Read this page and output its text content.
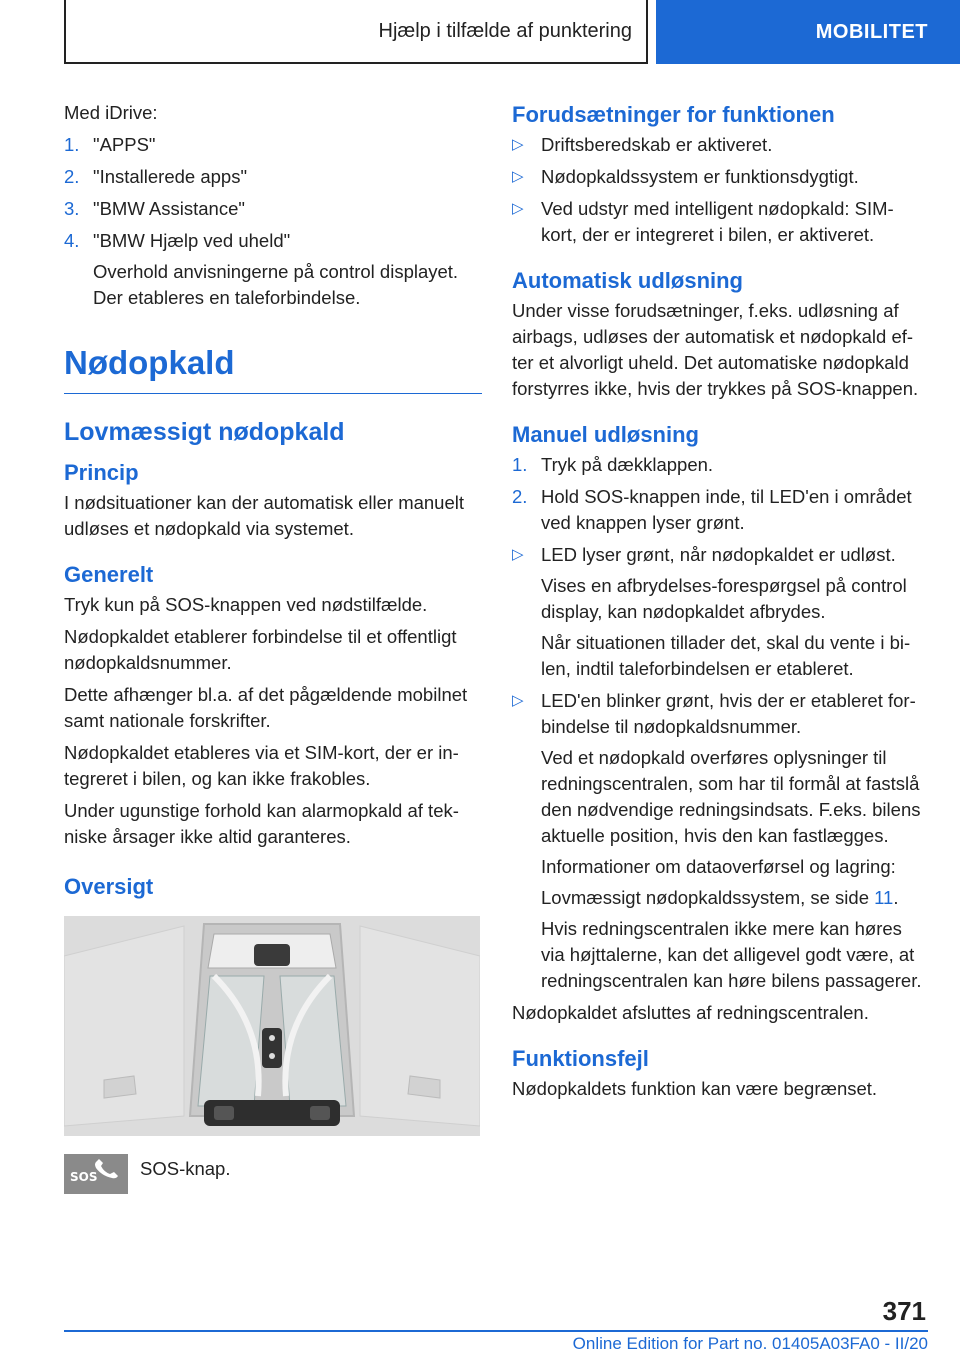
Hjælp i tilfælde af punktering	MOBILITET

Med iDrive:

1. "APPS"
2. "Installerede apps"
3. "BMW Assistance"
4. "BMW Hjælp ved uheld"
Overhold anvisningerne på control displayet. Der etableres en taleforbindelse.
Nødopkald
Lovmæssigt nødopkald
Princip

I nødsituationer kan der automatisk eller manuelt udløses et nødopkald via systemet.

Generelt

Tryk kun på SOS-knappen ved nødstilfælde.

Nødopkaldet etablerer forbindelse til et offentligt nødopkaldsnummer.

Dette afhænger bl.a. af det pågældende mobilnet samt nationale forskrifter.

Nødopkaldet etableres via et SIM-kort, der er integreret i bilen, og kan ikke frakobles.

Under ugunstige forhold kan alarmopkald af tekniske årsager ikke altid garanteres.

Oversigt
SOS SOS-knap.
Forudsætninger for funktionen
▷ Driftsberedskab er aktiveret.
▷ Nødopkaldssystem er funktionsdygtigt.
▷ Ved udstyr med intelligent nødopkald: SIM-kort, der er integreret i bilen, er aktiveret.
Automatisk udløsning

Under visse forudsætninger, f.eks. udløsning af airbags, udløses der automatisk et nødopkald efter et alvorligt uheld. Det automatiske nødopkald forstyrres ikke, hvis der trykkes på SOS-knappen.

Manuel udløsning
1. Tryk på dækklappen.
2. Hold SOS-knappen inde, til LED'en i området ved knappen lyser grønt.
▷ LED lyser grønt, når nødopkaldet er udløst.
Vises en afbrydelses-forespørgsel på control display, kan nødopkaldet afbrydes.
Når situationen tillader det, skal du vente i bilen, indtil taleforbindelsen er etableret.
▷ LED'en blinker grønt, hvis der er etableret forbindelse til nødopkaldsnummer.
Ved et nødopkald overføres oplysninger til redningscentralen, som har til formål at fastslå den nødvendige redningsindsats. F.eks. bilens aktuelle position, hvis den kan fastlægges.
Informationer om dataoverførsel og lagring:
Lovmæssigt nødopkaldssystem, se side 11.
Hvis redningscentralen ikke mere kan høres via højttalerne, kan det alligevel godt være, at redningscentralen kan høre bilens passagerer.

Nødopkaldet afsluttes af redningscentralen.

Funktionsfejl

Nødopkaldets funktion kan være begrænset.

371
Online Edition for Part no. 01405A03FA0 - II/20
